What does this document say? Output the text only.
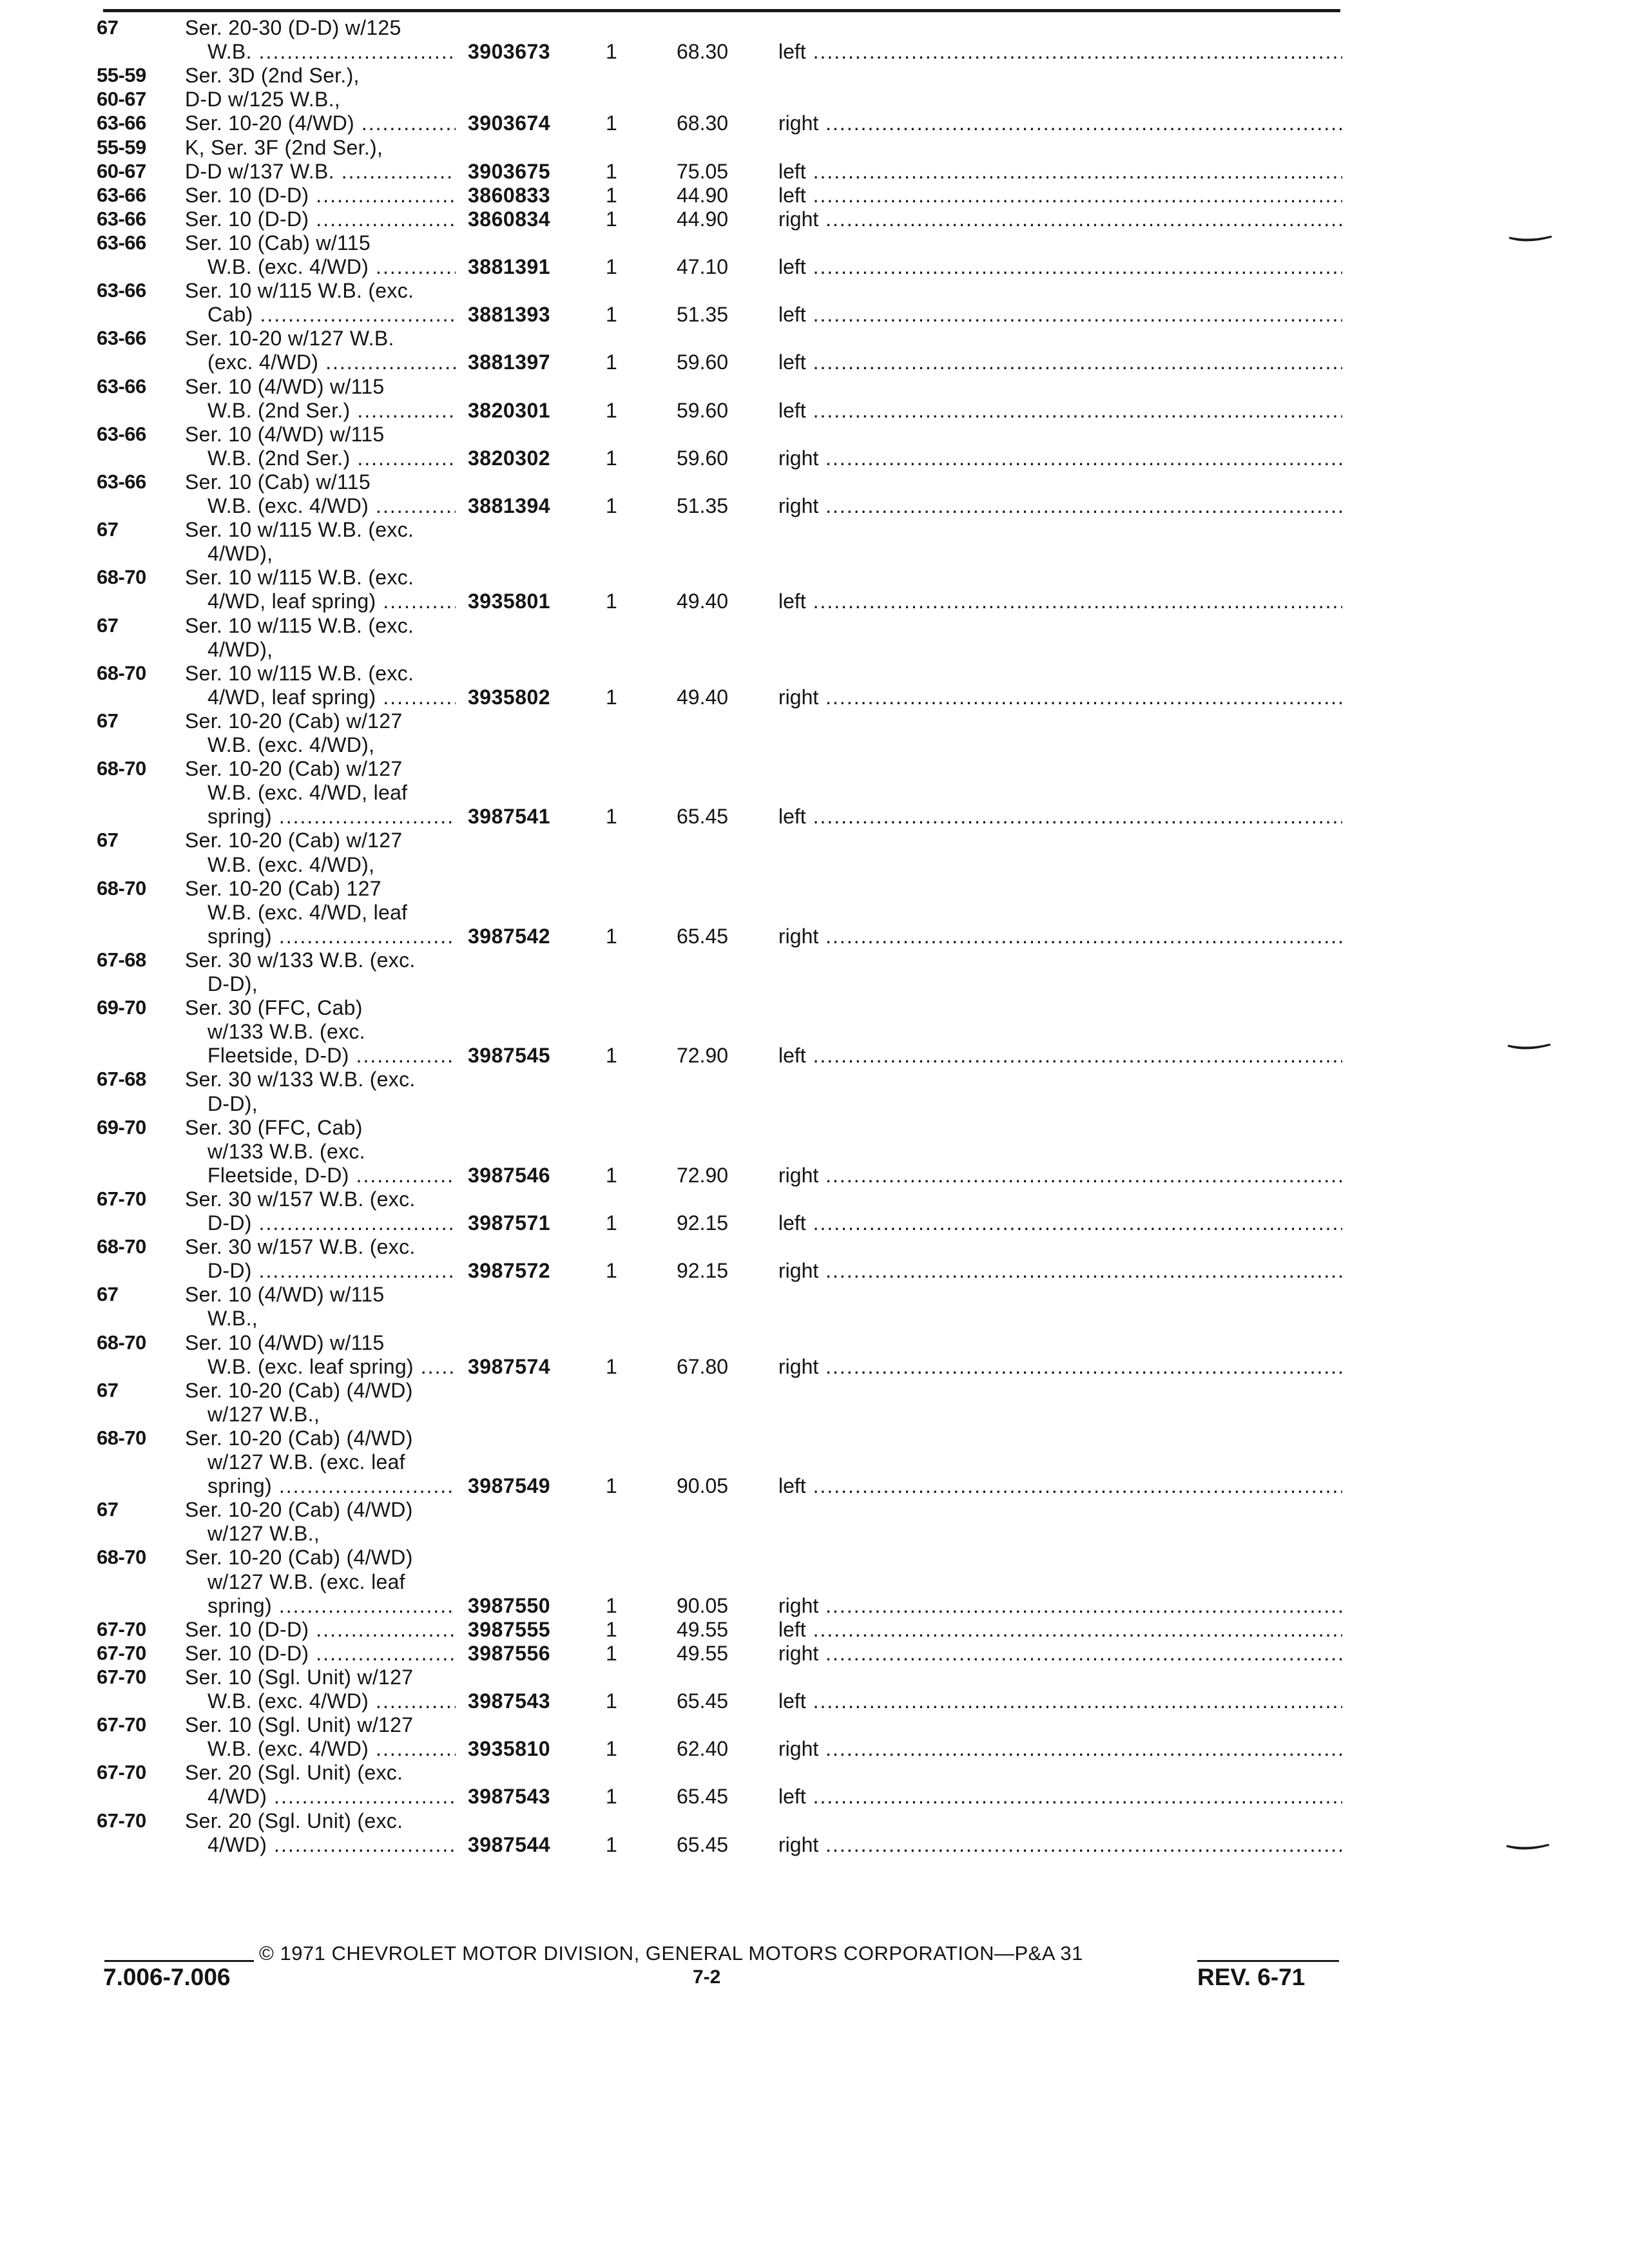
67	Ser. 20-30 (D-D) w/125
W.B. .....	3903673	1	68.30	left .....
55-59	Ser. 3D (2nd Ser.),
60-67	D-D w/125 W.B.,
63-66	Ser. 10-20 (4/WD) .....	3903674	1	68.30	right .....
55-59	K, Ser. 3F (2nd Ser.),
60-67	D-D w/137 W.B. .....	3903675	1	75.05	left .....
63-66	Ser. 10 (D-D) .....	3860833	1	44.90	left .....
63-66	Ser. 10 (D-D) .....	3860834	1	44.90	right .....
63-66	Ser. 10 (Cab) w/115
W.B. (exc. 4/WD) .....	3881391	1	47.10	left .....
63-66	Ser. 10 w/115 W.B. (exc.
Cab) .....	3881393	1	51.35	left .....
63-66	Ser. 10-20 w/127 W.B.
(exc. 4/WD) .....	3881397	1	59.60	left .....
63-66	Ser. 10 (4/WD) w/115
W.B. (2nd Ser.) .....	3820301	1	59.60	left .....
63-66	Ser. 10 (4/WD) w/115
W.B. (2nd Ser.) .....	3820302	1	59.60	right .....
63-66	Ser. 10 (Cab) w/115
W.B. (exc. 4/WD) .....	3881394	1	51.35	right .....
67	Ser. 10 w/115 W.B. (exc.
4/WD),
68-70	Ser. 10 w/115 W.B. (exc.
4/WD, leaf spring) .....	3935801	1	49.40	left .....
67	Ser. 10 w/115 W.B. (exc.
4/WD),
68-70	Ser. 10 w/115 W.B. (exc.
4/WD, leaf spring) .....	3935802	1	49.40	right .....
67	Ser. 10-20 (Cab) w/127
W.B. (exc. 4/WD),
68-70	Ser. 10-20 (Cab) w/127
W.B. (exc. 4/WD, leaf
spring) .....	3987541	1	65.45	left .....
67	Ser. 10-20 (Cab) w/127
W.B. (exc. 4/WD),
68-70	Ser. 10-20 (Cab) 127
W.B. (exc. 4/WD, leaf
spring) .....	3987542	1	65.45	right .....
67-68	Ser. 30 w/133 W.B. (exc.
D-D),
69-70	Ser. 30 (FFC, Cab)
w/133 W.B. (exc.
Fleetside, D-D) .....	3987545	1	72.90	left .....
67-68	Ser. 30 w/133 W.B. (exc.
D-D),
69-70	Ser. 30 (FFC, Cab)
w/133 W.B. (exc.
Fleetside, D-D) .....	3987546	1	72.90	right .....
67-70	Ser. 30 w/157 W.B. (exc.
D-D) .....	3987571	1	92.15	left .....
68-70	Ser. 30 w/157 W.B. (exc.
D-D) .....	3987572	1	92.15	right .....
67	Ser. 10 (4/WD) w/115
W.B.,
68-70	Ser. 10 (4/WD) w/115
W.B. (exc. leaf spring) .....	3987574	1	67.80	right .....
67	Ser. 10-20 (Cab) (4/WD)
w/127 W.B.,
68-70	Ser. 10-20 (Cab) (4/WD)
w/127 W.B. (exc. leaf
spring) .....	3987549	1	90.05	left .....
67	Ser. 10-20 (Cab) (4/WD)
w/127 W.B.,
68-70	Ser. 10-20 (Cab) (4/WD)
w/127 W.B. (exc. leaf
spring) .....	3987550	1	90.05	right .....
67-70	Ser. 10 (D-D) .....	3987555	1	49.55	left .....
67-70	Ser. 10 (D-D) .....	3987556	1	49.55	right .....
67-70	Ser. 10 (Sgl. Unit) w/127
W.B. (exc. 4/WD) .....	3987543	1	65.45	left .....
67-70	Ser. 10 (Sgl. Unit) w/127
W.B. (exc. 4/WD) .....	3935810	1	62.40	right .....
67-70	Ser. 20 (Sgl. Unit) (exc.
4/WD) .....	3987543	1	65.45	left .....
67-70	Ser. 20 (Sgl. Unit) (exc.
4/WD) .....	3987544	1	65.45	right .....
© 1971 CHEVROLET MOTOR DIVISION, GENERAL MOTORS CORPORATION—P&A 31
7.006-7.006	7-2	REV. 6-71
